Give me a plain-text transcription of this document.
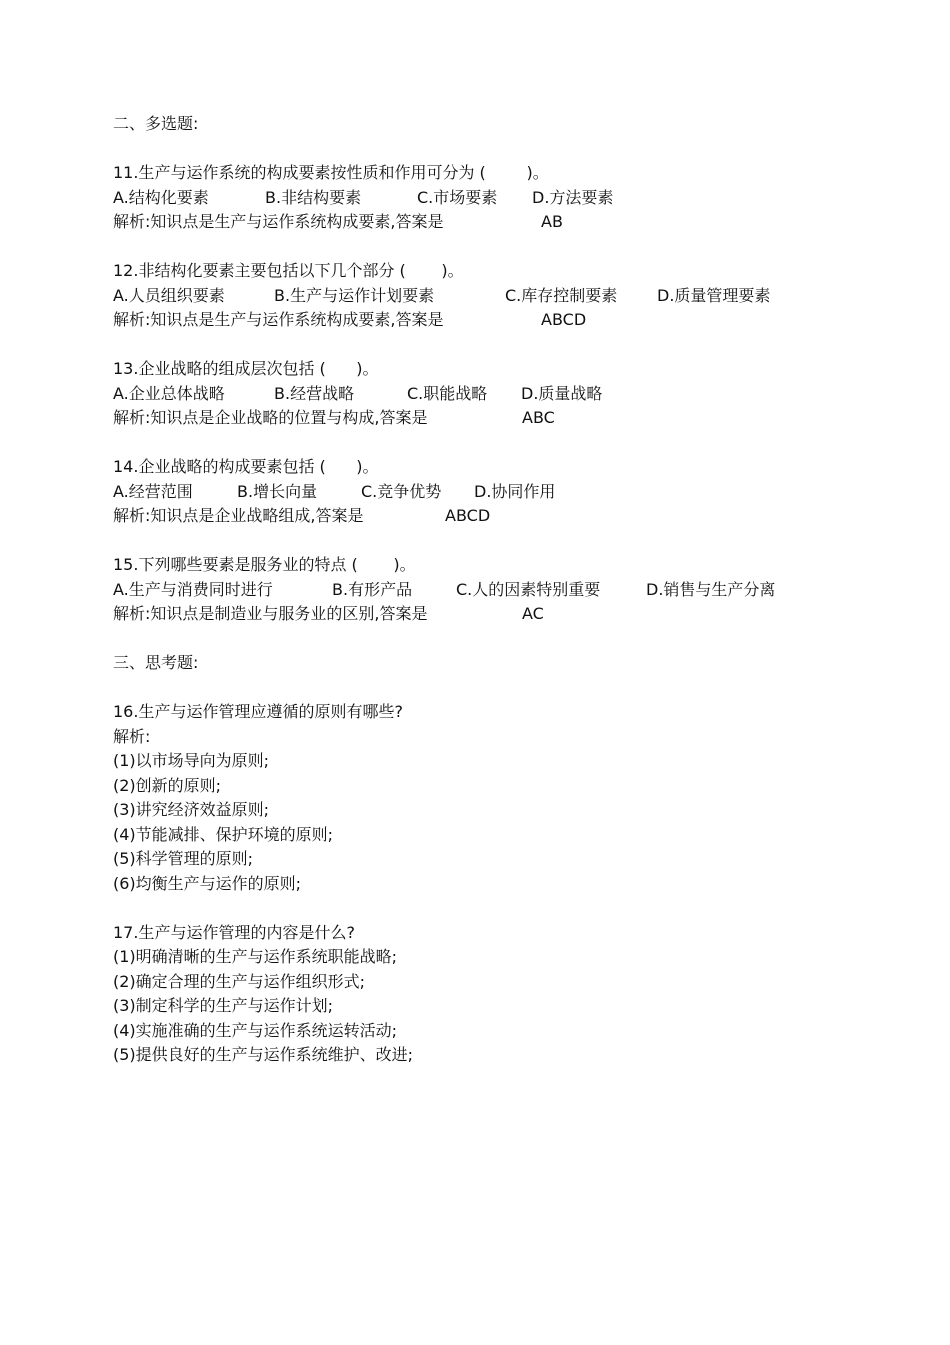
二、多选题:
11.生产与运作系统的构成要素按性质和作用可分为 (        )。
A.结构化要素	B.非结构要素	C.市场要素	D.方法要素
解析:知识点是生产与运作系统构成要素,答案是	AB
12.非结构化要素主要包括以下几个部分 (       )。
A.人员组织要素	B.生产与运作计划要素	C.库存控制要素	D.质量管理要素
解析:知识点是生产与运作系统构成要素,答案是	ABCD
13.企业战略的组成层次包括 (      )。
A.企业总体战略	B.经营战略	C.职能战略	D.质量战略
解析:知识点是企业战略的位置与构成,答案是	ABC
14.企业战略的构成要素包括 (      )。
A.经营范围	B.增长向量	C.竞争优势	D.协同作用
解析:知识点是企业战略组成,答案是	ABCD
15.下列哪些要素是服务业的特点 (       )。
A.生产与消费同时进行	B.有形产品	C.人的因素特别重要	D.销售与生产分离
解析:知识点是制造业与服务业的区别,答案是	AC
三、思考题:
16.生产与运作管理应遵循的原则有哪些?
解析:
(1)以市场导向为原则;
(2)创新的原则;
(3)讲究经济效益原则;
(4)节能减排、保护环境的原则;
(5)科学管理的原则;
(6)均衡生产与运作的原则;
17.生产与运作管理的内容是什么?
(1)明确清晰的生产与运作系统职能战略;
(2)确定合理的生产与运作组织形式;
(3)制定科学的生产与运作计划;
(4)实施准确的生产与运作系统运转活动;
(5)提供良好的生产与运作系统维护、改进;
